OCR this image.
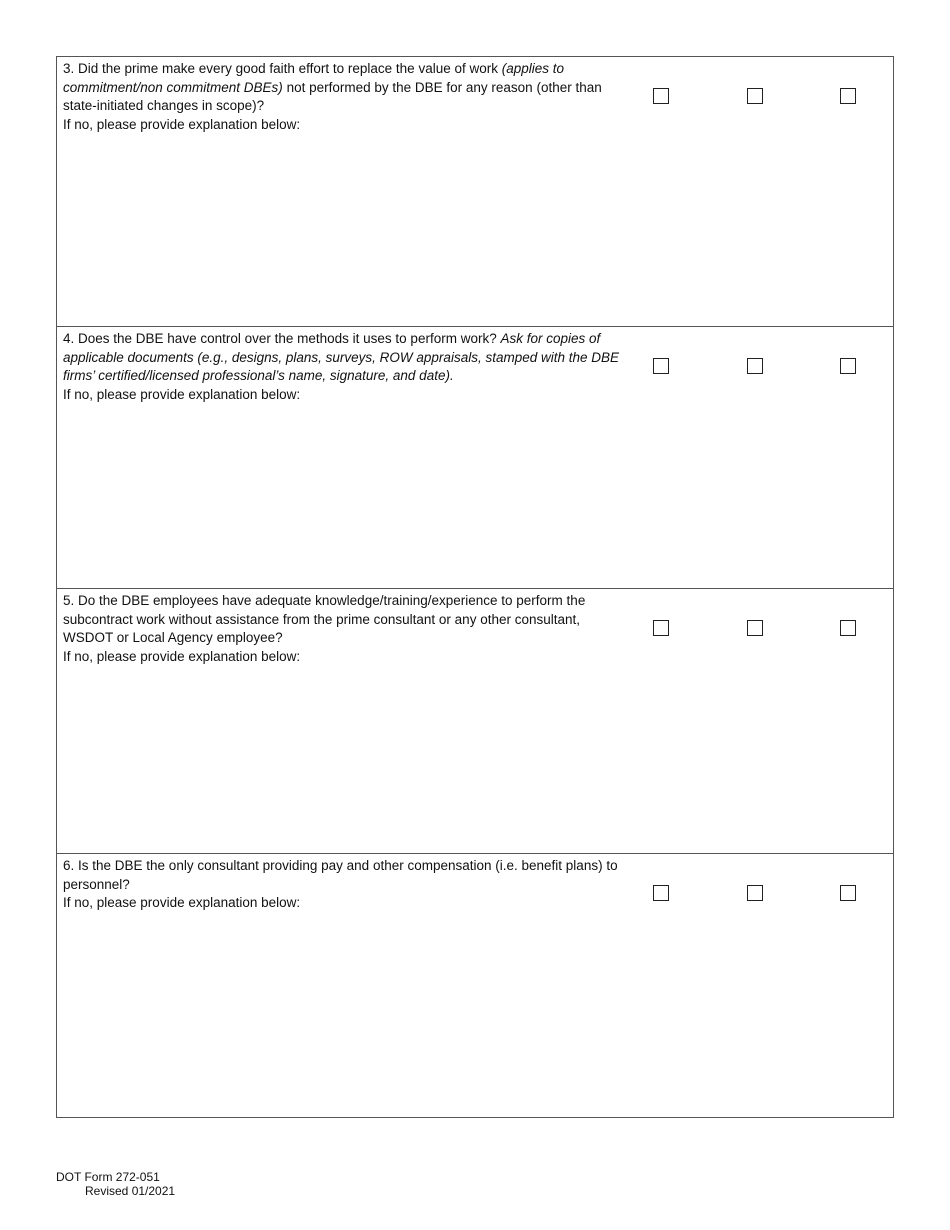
3. Did the prime make every good faith effort to replace the value of work (applies to commitment/non commitment DBEs) not performed by the DBE for any reason (other than state-initiated changes in scope)?

If no, please provide explanation below:

4. Does the DBE have control over the methods it uses to perform work? Ask for copies of applicable documents (e.g., designs, plans, surveys, ROW appraisals, stamped with the DBE firms’ certified/licensed professional’s name, signature, and date).

If no, please provide explanation below:

5. Do the DBE employees have adequate knowledge/training/experience to perform the subcontract work without assistance from the prime consultant or any other consultant, WSDOT or Local Agency employee?

If no, please provide explanation below:

6. Is the DBE the only consultant providing pay and other compensation (i.e. benefit plans) to personnel?

If no, please provide explanation below:

DOT Form 272-051
Revised 01/2021
